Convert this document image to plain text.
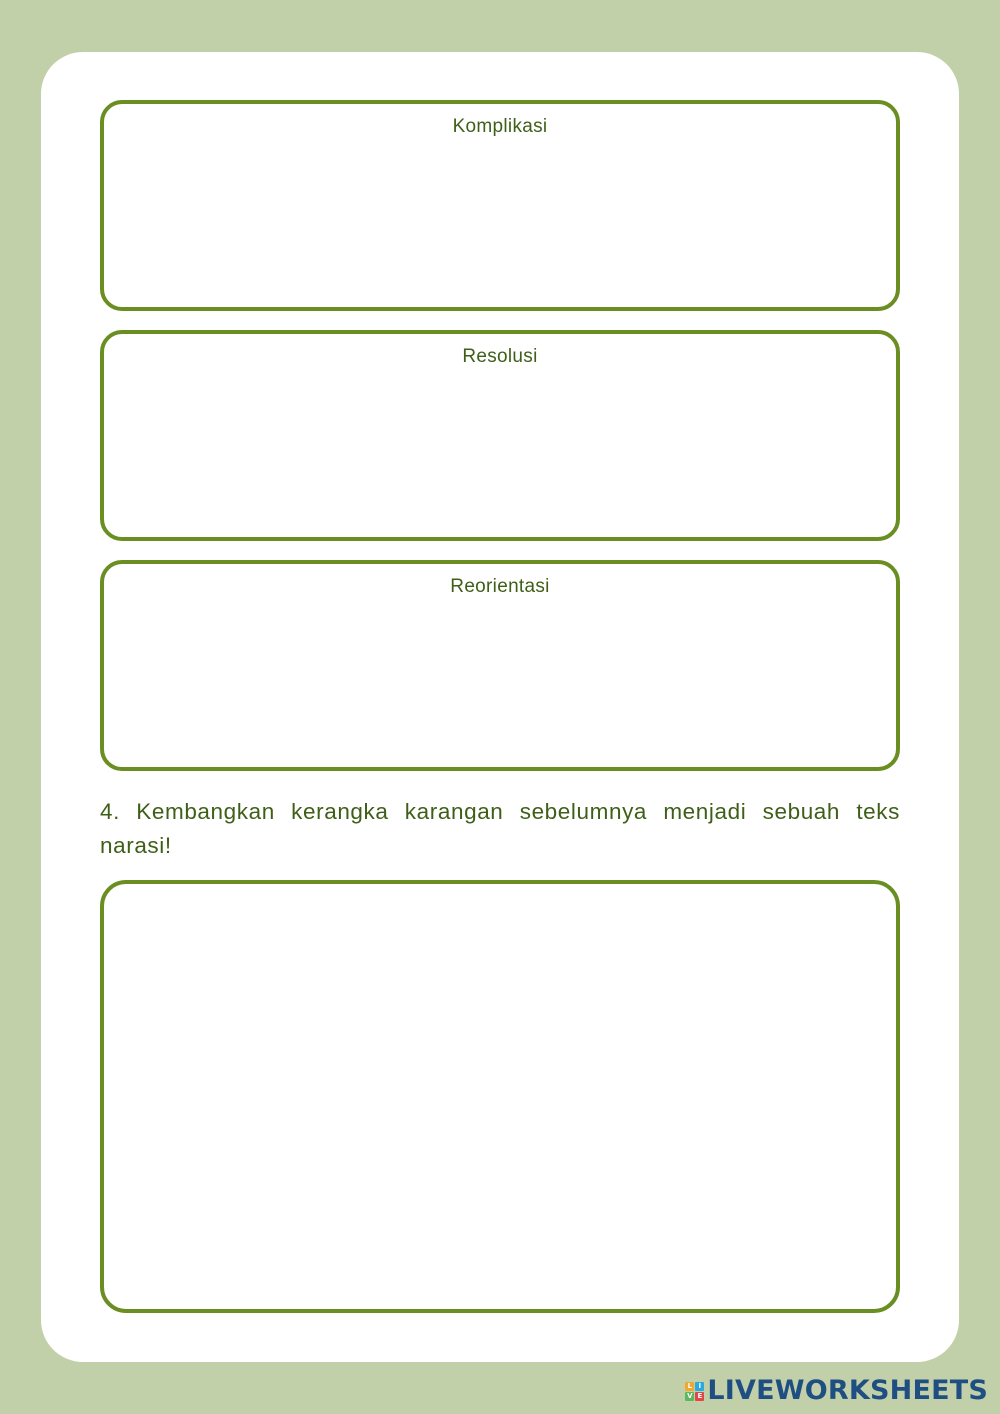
Komplikasi
Resolusi
Reorientasi
4. Kembangkan kerangka karangan sebelumnya menjadi sebuah teks narasi!
L I
V E LIVEWORKSHEETS
